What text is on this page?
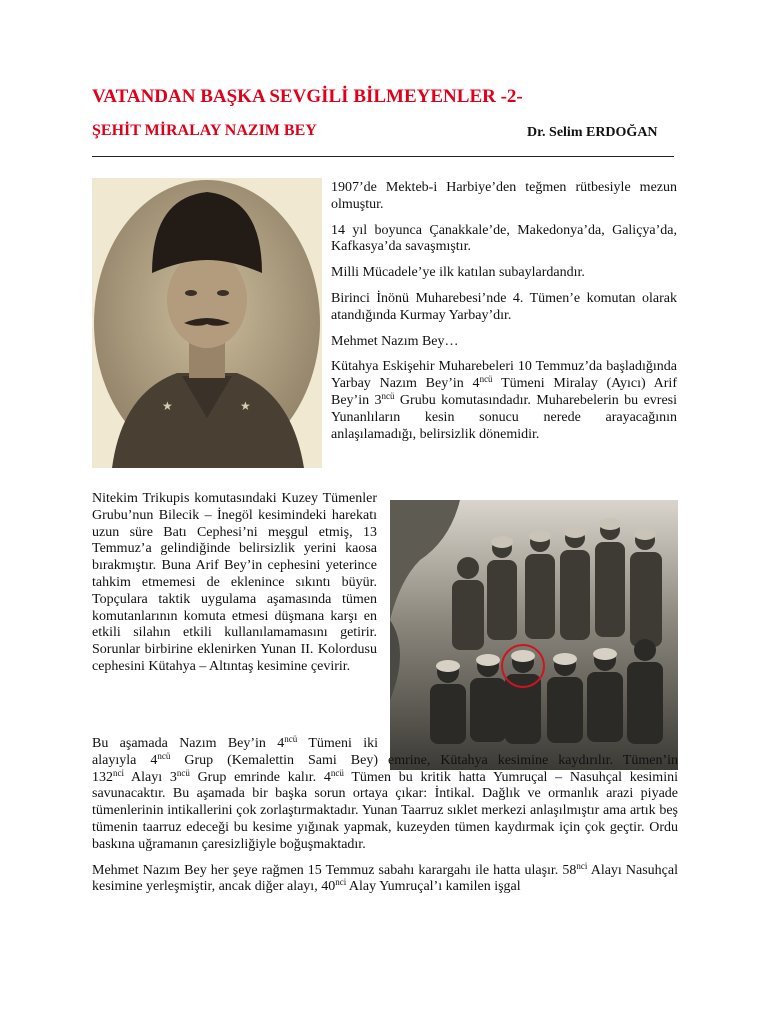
VATANDAN BAŞKA SEVGİLİ BİLMEYENLER -2-
ŞEHİT MİRALAY NAZIM BEY	Dr. Selim ERDOĞAN
★	★

1907’de Mekteb-i Harbiye’den teğmen rütbesiyle mezun olmuştur.

14 yıl boyunca Çanakkale’de, Makedonya’da, Galiçya’da, Kafkasya’da savaşmıştır.

Milli Mücadele’ye ilk katılan subaylardandır.

Birinci İnönü Muharebesi’nde 4. Tümen’e komutan olarak atandığında Kurmay Yarbay’dır.

Mehmet Nazım Bey…

Kütahya Eskişehir Muharebeleri 10 Temmuz’da başladığında Yarbay Nazım Bey’in $4^{ncü}$ Tümeni Miralay (Ayıcı) Arif Bey’in $3^{ncü}$ Grubu komutasındadır. Muharebelerin bu evresi Yunanlıların kesin sonucu nerede arayacağının anlaşılamadığı, belirsizlik dönemidir.

Nitekim Trikupis komutasındaki Kuzey Tümenler Grubu’nun Bilecik – İnegöl kesimindeki harekatı uzun süre Batı Cephesi’ni meşgul etmiş, 13 Temmuz’a gelindiğinde belirsizlik yerini kaosa bırakmıştır. Buna Arif Bey’in cephesini yeterince tahkim etmemesi de eklenince sıkıntı büyür. Topçulara taktik uygulama aşamasında tümen komutanlarının komuta etmesi düşmana karşı en etkili silahın etkili kullanılamamasını getirir. Sorunlar birbirine eklenirken Yunan II. Kolordusu cephesini Kütahya – Altıntaş kesimine çevirir.

Bu aşamada Nazım Bey’in $4^{ncü}$ Tümeni iki alayıyla $4^{ncü}$ Grup (Kemalettin Sami Bey) emrine, Kütahya kesimine kaydırılır. Tümen’in $132^{nci}$ Alayı $3^{ncü}$ Grup emrinde kalır. $4^{ncü}$ Tümen bu kritik hatta Yumruçal – Nasuhçal kesimini savunacaktır. Bu aşamada bir başka sorun ortaya çıkar: İntikal. Dağlık ve ormanlık arazi piyade tümenlerinin intikallerini çok zorlaştırmaktadır. Yunan Taarruz sıklet merkezi anlaşılmıştır ama artık beş tümenin taarruz edeceği bu kesime yığınak yapmak, kuzeyden tümen kaydırmak için çok geçtir. Ordu baskına uğramanın çaresizliğiyle boğuşmaktadır.

Mehmet Nazım Bey her şeye rağmen 15 Temmuz sabahı karargahı ile hatta ulaşır. $58^{nci}$ Alayı Nasuhçal kesimine yerleşmiştir, ancak diğer alayı, $40^{nci}$ Alay Yumruçal’ı kamilen işgal
